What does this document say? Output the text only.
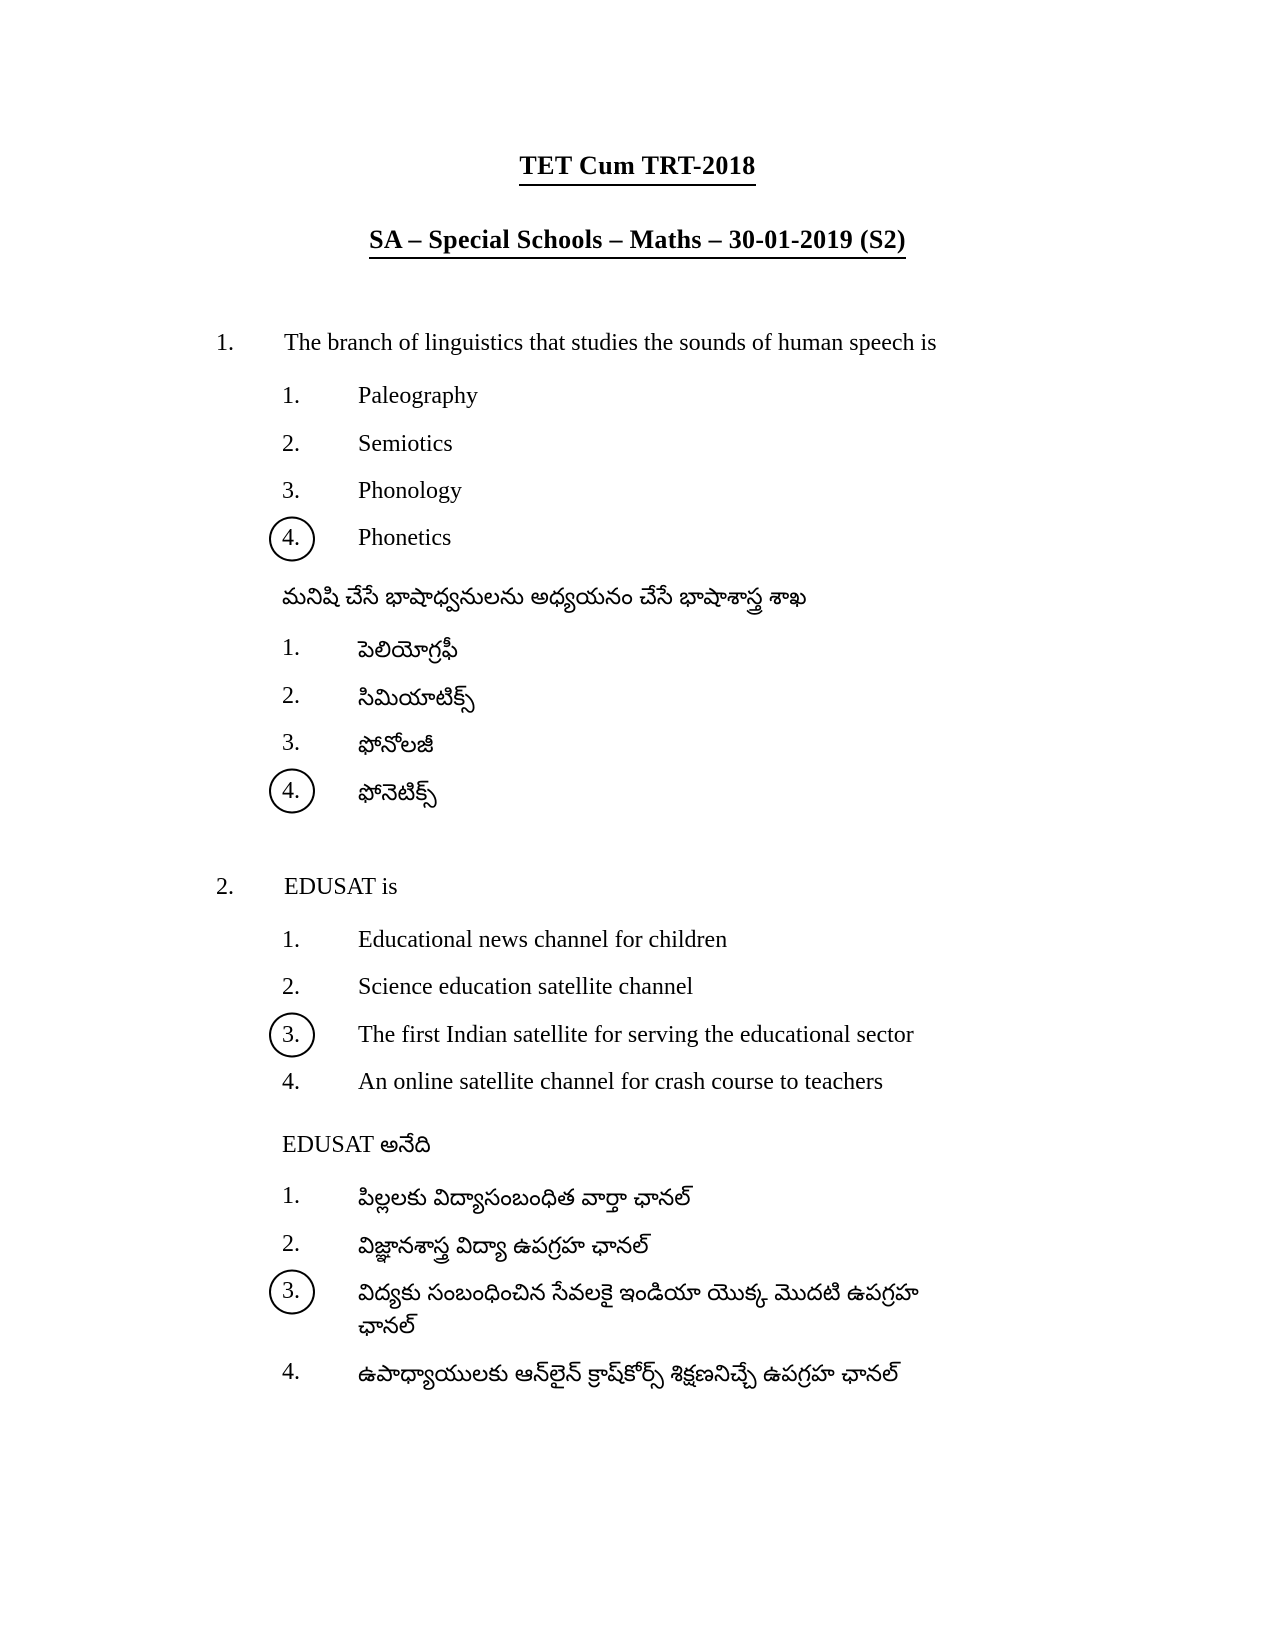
TET Cum TRT-2018
SA – Special Schools – Maths – 30-01-2019 (S2)
1.	The branch of linguistics that studies the sounds of human speech is
1.	Paleography
2.	Semiotics
3.	Phonology
4.	Phonetics
మనిషి చేసే భాషాధ్వనులను అధ్యయనం చేసే భాషాశాస్త్ర శాఖ
1.	పెలియోగ్రఫీ
2.	సిమియాటిక్స్
3.	ఫోనోలజీ
4.	ఫోనెటిక్స్
2.	EDUSAT is
1.	Educational news channel for children
2.	Science education satellite channel
3.	The first Indian satellite for serving the educational sector
4.	An online satellite channel for crash course to teachers
EDUSAT అనేది
1.	పిల్లలకు విద్యాసంబంధిత వార్తా ఛానల్
2.	విజ్ఞానశాస్త్ర విద్యా ఉపగ్రహ ఛానల్
3.	విద్యకు సంబంధించిన సేవలకై ఇండియా యొక్క మొదటి ఉపగ్రహ
ఛానల్
4.	ఉపాధ్యాయులకు ఆన్‌లైన్ క్రాష్‌కోర్స్ శిక్షణనిచ్చే ఉపగ్రహ ఛానల్
